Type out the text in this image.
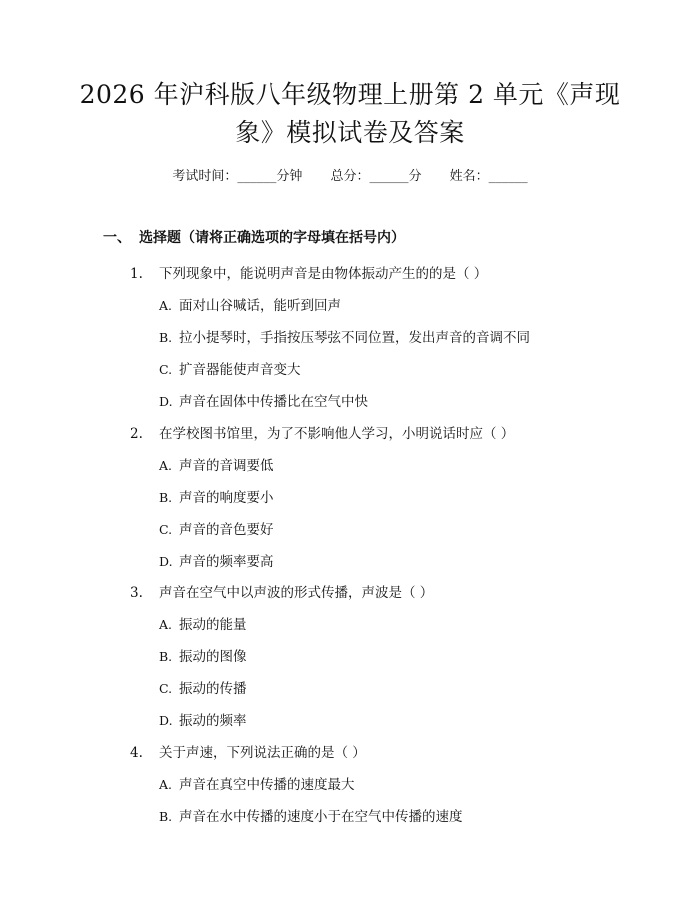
2026 年沪科版八年级物理上册第 2 单元《声现象》模拟试卷及答案
考试时间：______分钟 总分：______分 姓名：______
一、 选择题（请将正确选项的字母填在括号内）
1. 下列现象中，能说明声音是由物体振动产生的的是（ ）
A. 面对山谷喊话，能听到回声
B. 拉小提琴时，手指按压琴弦不同位置，发出声音的音调不同
C. 扩音器能使声音变大
D. 声音在固体中传播比在空气中快
2. 在学校图书馆里，为了不影响他人学习，小明说话时应（ ）
A. 声音的音调要低
B. 声音的响度要小
C. 声音的音色要好
D. 声音的频率要高
3. 声音在空气中以声波的形式传播，声波是（ ）
A. 振动的能量
B. 振动的图像
C. 振动的传播
D. 振动的频率
4. 关于声速，下列说法正确的是（ ）
A. 声音在真空中传播的速度最大
B. 声音在水中传播的速度小于在空气中传播的速度
